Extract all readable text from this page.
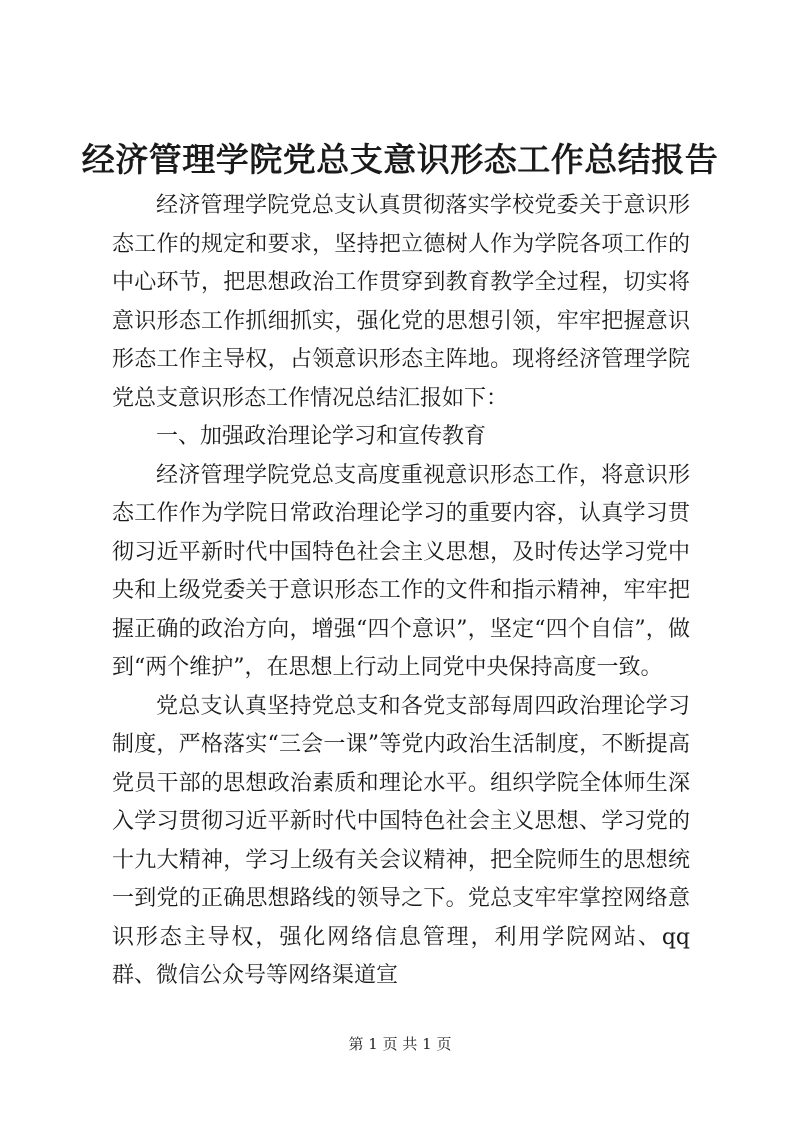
经济管理学院党总支意识形态工作总结报告

经济管理学院党总支认真贯彻落实学校党委关于意识形态工作的规定和要求，坚持把立德树人作为学院各项工作的中心环节，把思想政治工作贯穿到教育教学全过程，切实将意识形态工作抓细抓实，强化党的思想引领，牢牢把握意识形态工作主导权，占领意识形态主阵地。现将经济管理学院党总支意识形态工作情况总结汇报如下：

一、加强政治理论学习和宣传教育

经济管理学院党总支高度重视意识形态工作，将意识形态工作作为学院日常政治理论学习的重要内容，认真学习贯彻习近平新时代中国特色社会主义思想，及时传达学习党中央和上级党委关于意识形态工作的文件和指示精神，牢牢把握正确的政治方向，增强“四个意识”，坚定“四个自信”，做到“两个维护”，在思想上行动上同党中央保持高度一致。

党总支认真坚持党总支和各党支部每周四政治理论学习制度，严格落实“三会一课”等党内政治生活制度，不断提高党员干部的思想政治素质和理论水平。组织学院全体师生深入学习贯彻习近平新时代中国特色社会主义思想、学习党的十九大精神，学习上级有关会议精神，把全院师生的思想统一到党的正确思想路线的领导之下。党总支牢牢掌控网络意识形态主导权，强化网络信息管理，利用学院网站、qq群、微信公众号等网络渠道宣

第 1 页 共 1 页
